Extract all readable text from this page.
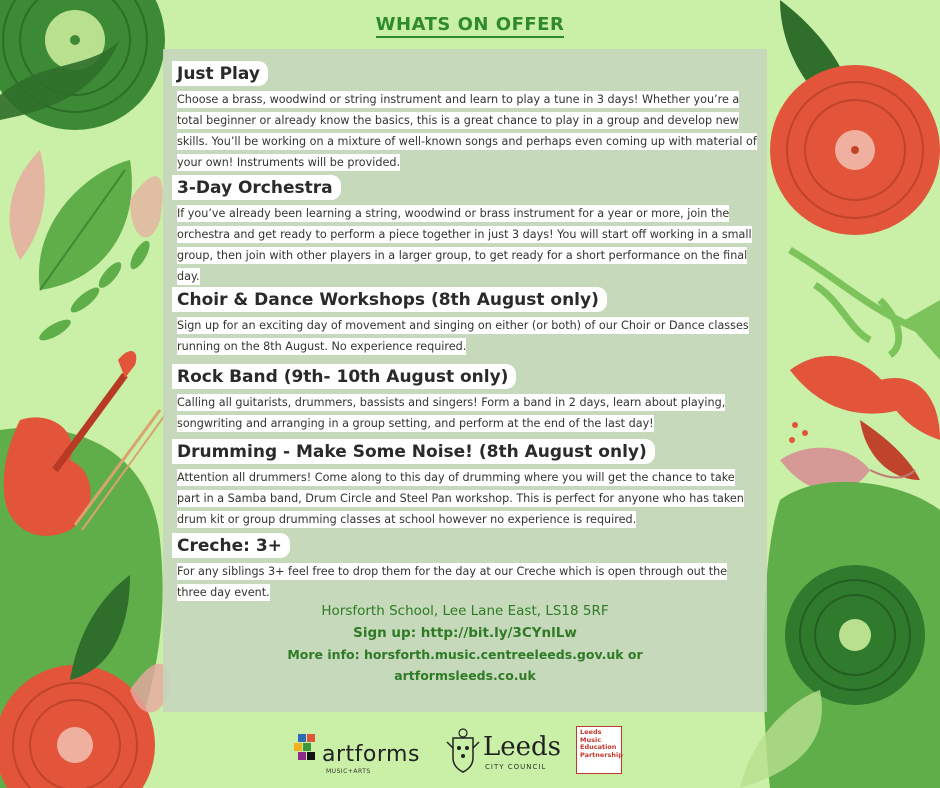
WHATS ON OFFER
Just Play
Choose a brass, woodwind or string instrument and learn to play a tune in 3 days! Whether you’re a total beginner or already know the basics, this is a great chance to play in a group and develop new skills. You’ll be working on a mixture of well-known songs and perhaps even coming up with material of your own! Instruments will be provided.
3-Day Orchestra
If you’ve already been learning a string, woodwind or brass instrument for a year or more, join the orchestra and get ready to perform a piece together in just 3 days! You will start off working in a small group, then join with other players in a larger group, to get ready for a short performance on the final day.
Choir & Dance Workshops (8th August only)
Sign up for an exciting day of movement and singing on either (or both) of our Choir or Dance classes running on the 8th August. No experience required.
Rock Band (9th- 10th August only)
Calling all guitarists, drummers, bassists and singers! Form a band in 2 days, learn about playing, songwriting and arranging in a group setting, and perform at the end of the last day!
Drumming - Make Some Noise! (8th August only)
Attention all drummers! Come along to this day of drumming where you will get the chance to take part in a Samba band, Drum Circle and Steel Pan workshop. This is perfect for anyone who has taken drum kit or group drumming classes at school however no experience is required.
Creche: 3+
For any siblings 3+ feel free to drop them for the day at our Creche which is open through out the three day event.
Horsforth School, Lee Lane East, LS18 5RF
Sign up: http://bit.ly/3CYnlLw
More info: horsforth.music.centreeleeds.gov.uk or
artformsleeds.co.uk
artforms
MUSIC+ARTS
Leeds
CITY COUNCIL
Leeds Music Education Partnership
